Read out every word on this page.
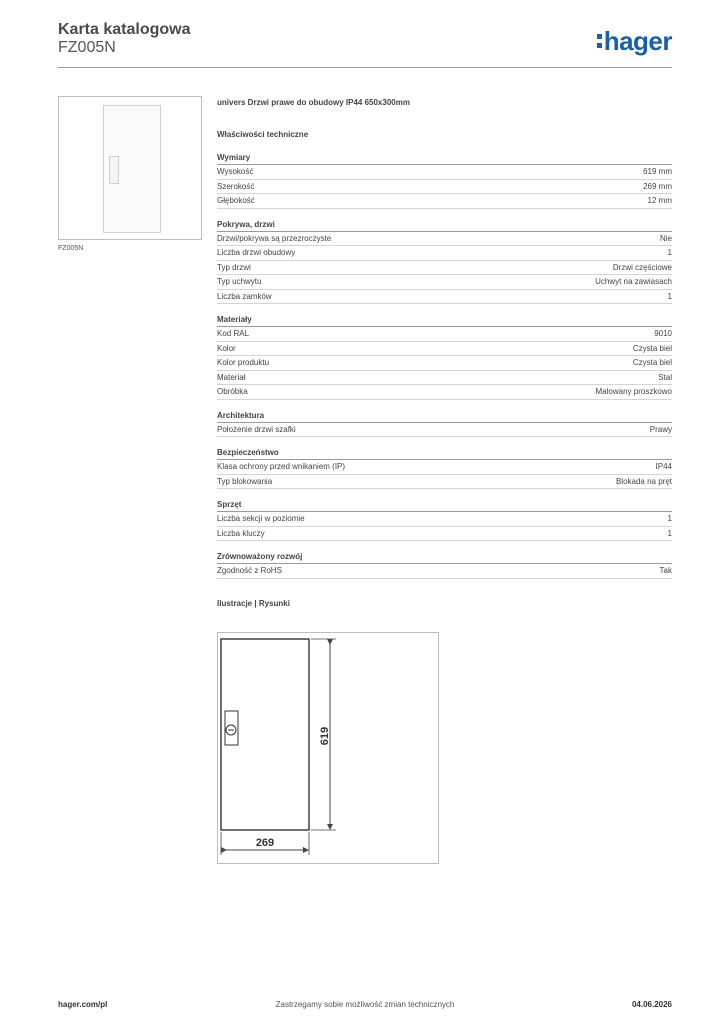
Karta katalogowa
FZ005N	hager
FZ005N
univers Drzwi prawe do obudowy IP44 650x300mm
Właściwości techniczne
Wymiary
Wysokość	619 mm
Szerokość	269 mm
Głębokość	12 mm
Pokrywa, drzwi
Drzwi/pokrywa są przezroczyste	Nie
Liczba drzwi obudowy	1
Typ drzwi	Drzwi częściowe
Typ uchwytu	Uchwyt na zawiasach
Liczba zamków	1
Materiały
Kod RAL	9010
Kolor	Czysta biel
Kolor produktu	Czysta biel
Materiał	Stal
Obróbka	Malowany proszkowo
Architektura
Położenie drzwi szafki	Prawy
Bezpieczeństwo
Klasa ochrony przed wnikaniem (IP)	IP44
Typ blokowania	Blokada na pręt
Sprzęt
Liczba sekcji w poziomie	1
Liczba kluczy	1
Zrównoważony rozwój
Zgodność z RoHS	Tak
Ilustracje | Rysunki
619
269
hager.com/pl	Zastrzegamy sobie możliwość zmian technicznych	04.06.2026
